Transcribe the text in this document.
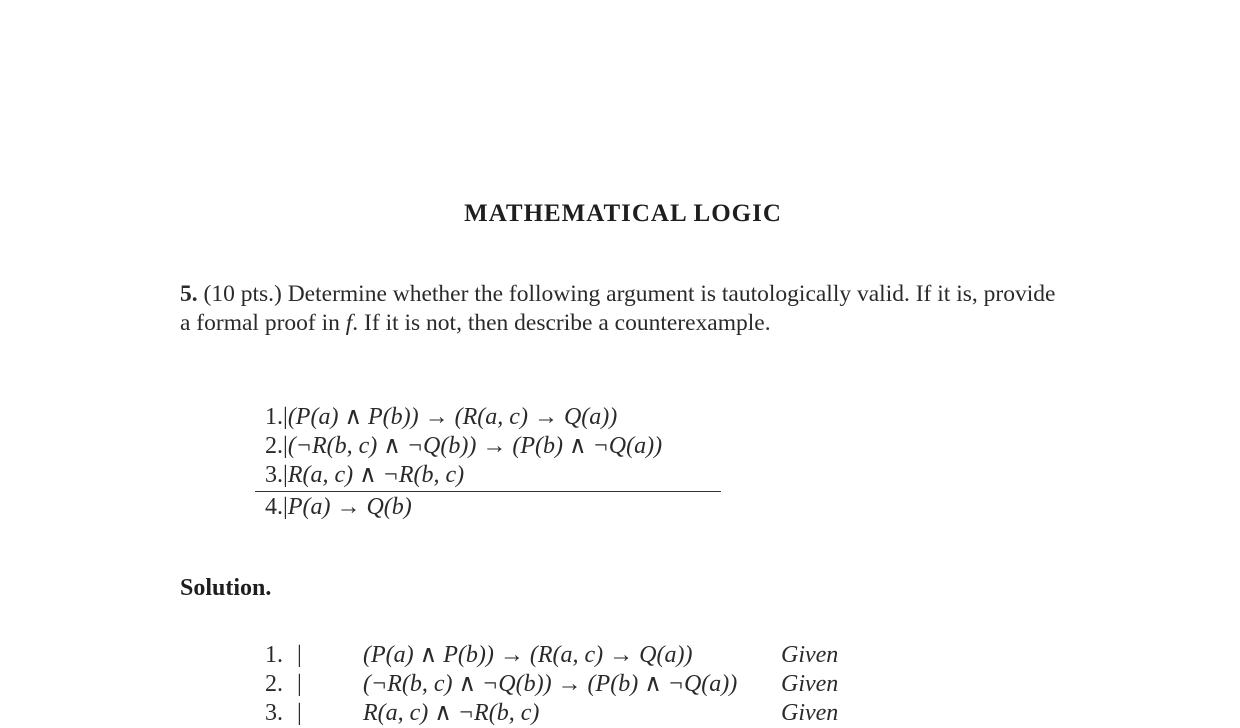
MATHEMATICAL LOGIC
5. (10 pts.) Determine whether the following argument is tautologically valid. If it is, provide a formal proof in f. If it is not, then describe a counterexample.
1.|(P(a) ∧ P(b)) → (R(a, c) → Q(a))
2.|(¬R(b, c) ∧ ¬Q(b)) → (P(b) ∧ ¬Q(a))
3.|R(a, c) ∧ ¬R(b, c)
4.|P(a) → Q(b)
Solution.
1. |	(P(a) ∧ P(b)) → (R(a, c) → Q(a))	Given
2. |	(¬R(b, c) ∧ ¬Q(b)) → (P(b) ∧ ¬Q(a)) Given
3. |	R(a, c) ∧ ¬R(b, c)	Given
